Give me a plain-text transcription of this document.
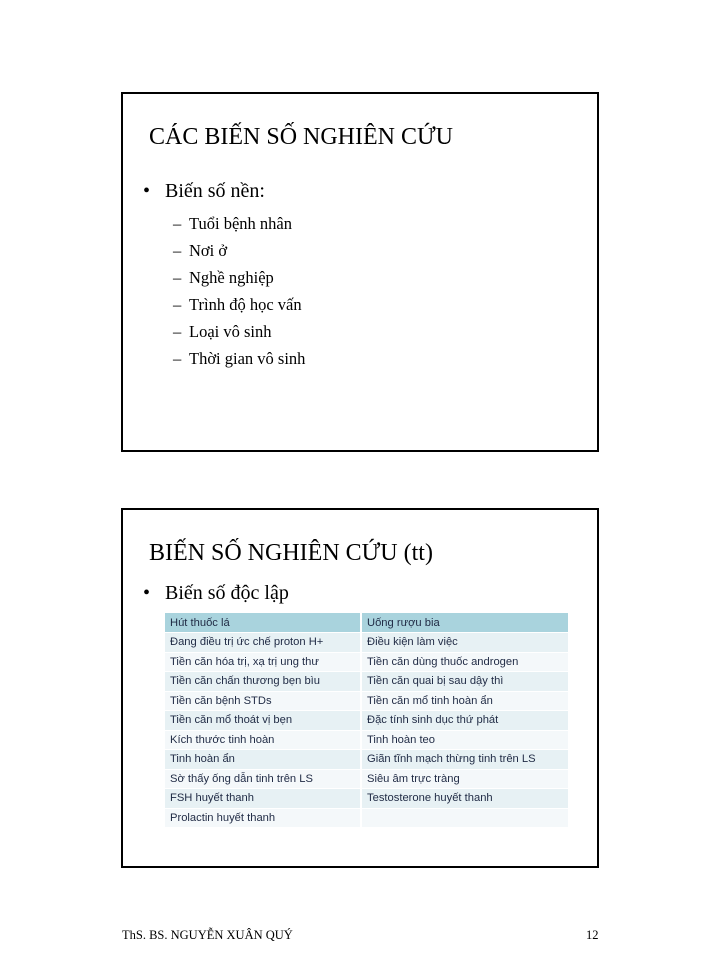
CÁC BIẾN SỐ NGHIÊN CỨU
• Biến số nền:
– Tuổi bệnh nhân
– Nơi ở
– Nghề nghiệp
– Trình độ học vấn
– Loại vô sinh
– Thời gian vô sinh
BIẾN SỐ NGHIÊN CỨU (tt)
• Biến số độc lập
Hút thuốc lá	Uống rượu bia
Đang điều trị ức chế proton H+	Điều kiện làm việc
Tiền căn hóa trị, xạ trị ung thư	Tiền căn dùng thuốc androgen
Tiền căn chấn thương bẹn bìu	Tiền căn quai bị sau dậy thì
Tiền căn bệnh STDs	Tiền căn mổ tinh hoàn ẩn
Tiền căn mổ thoát vị bẹn	Đặc tính sinh dục thứ phát
Kích thước tinh hoàn	Tinh hoàn teo
Tinh hoàn ẩn	Giãn tĩnh mạch thừng tinh trên LS
Sờ thấy ống dẫn tinh trên LS	Siêu âm trực tràng
FSH huyết thanh	Testosterone huyết thanh
Prolactin huyết thanh	
ThS. BS. NGUYỄN XUÂN QUÝ	12
